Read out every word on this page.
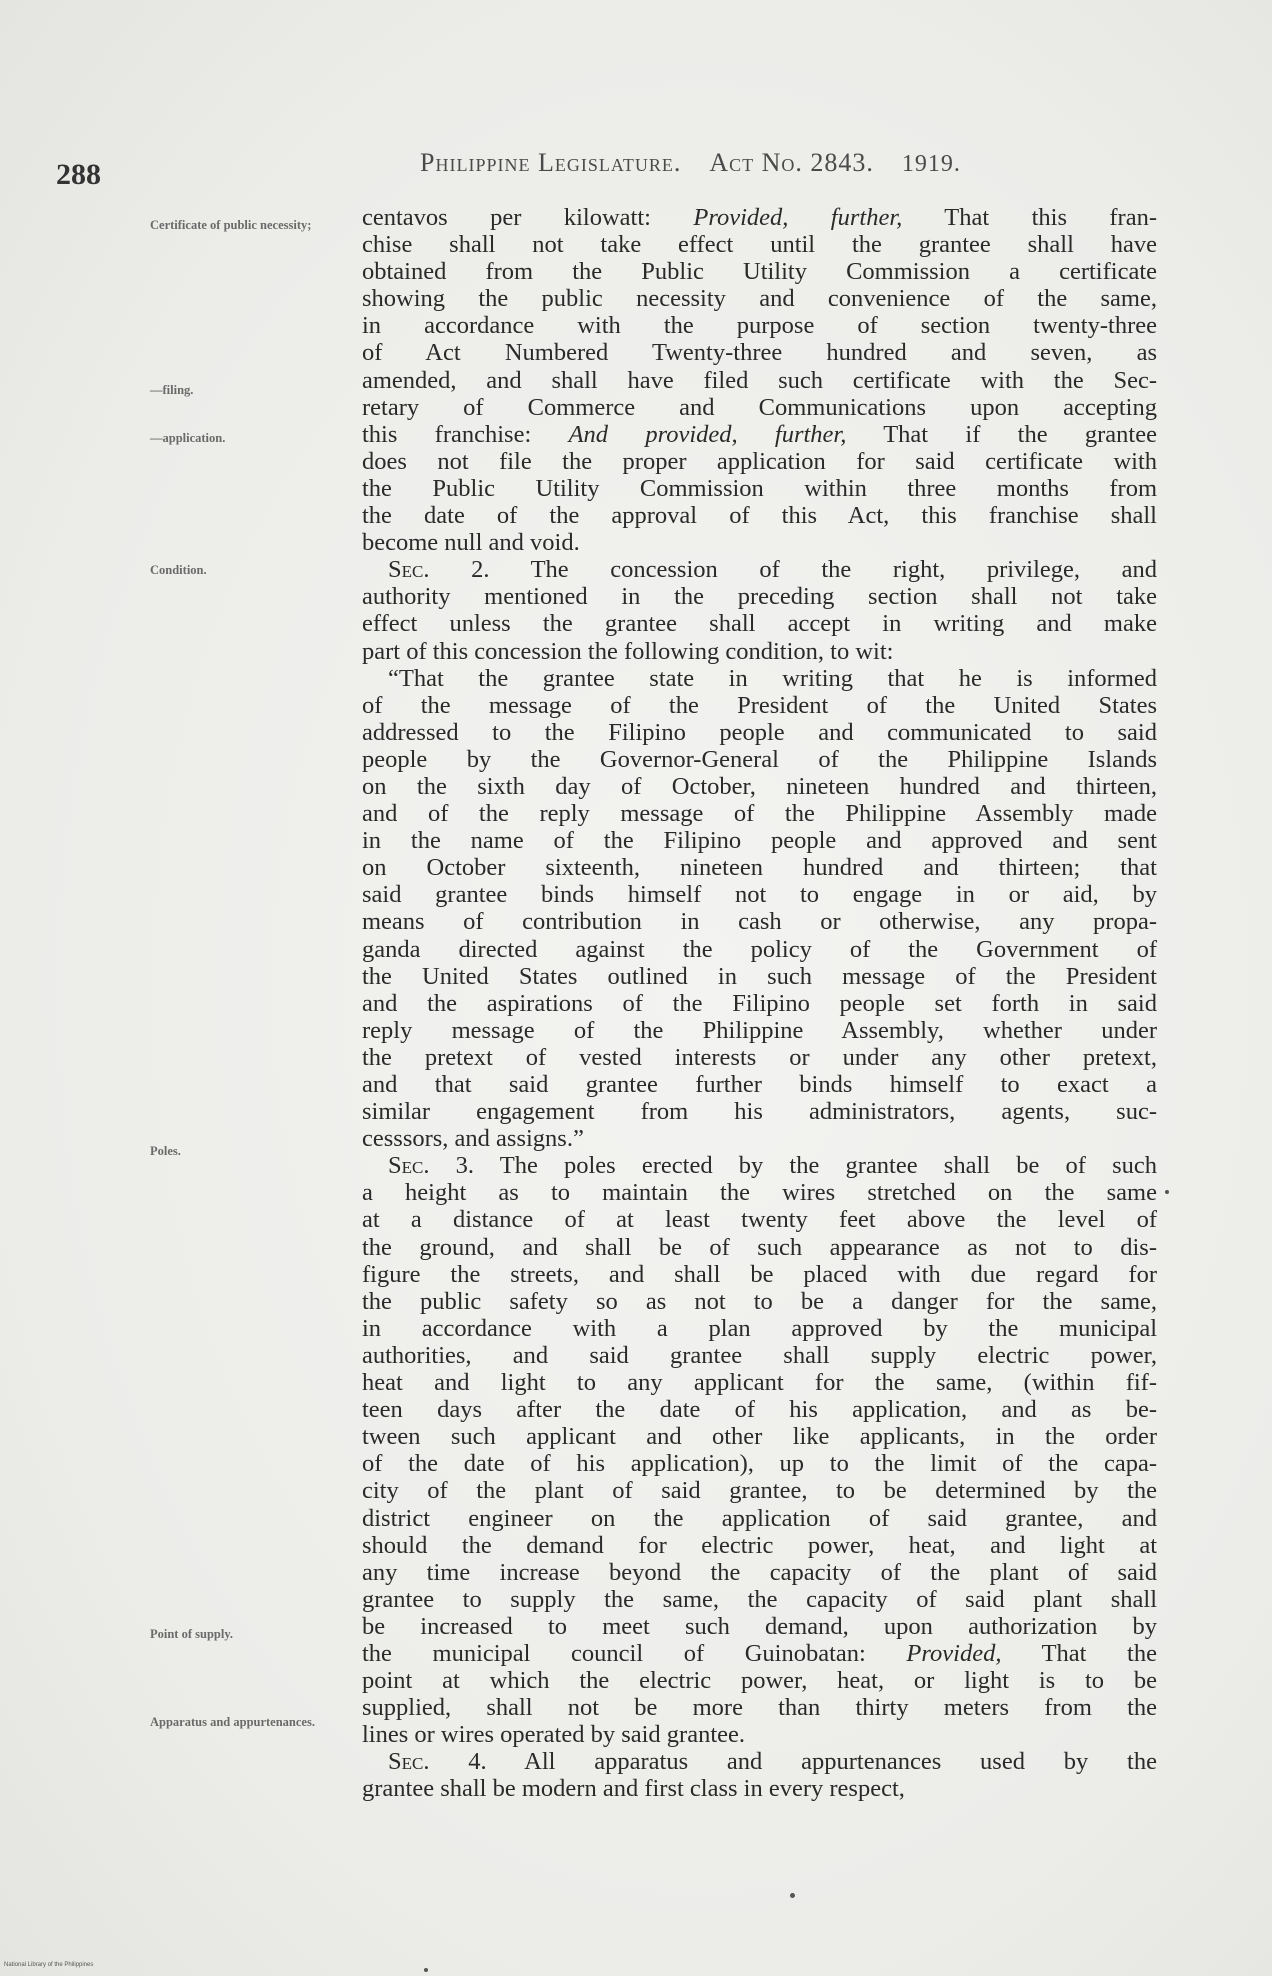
288	Philippine Legislature. Act No. 2843. 1919.
Certificate of public necessity;
—filing.
—application.
Condition.
Poles.
Point of supply.
Apparatus and appurtenances.
centavos per kilowatt: Provided, further, That this fran-
chise shall not take effect until the grantee shall have
obtained from the Public Utility Commission a certificate
showing the public necessity and convenience of the same,
in accordance with the purpose of section twenty-three
of Act Numbered Twenty-three hundred and seven, as
amended, and shall have filed such certificate with the Sec-
retary of Commerce and Communications upon accepting
this franchise: And provided, further, That if the grantee
does not file the proper application for said certificate with
the Public Utility Commission within three months from
the date of the approval of this Act, this franchise shall
become null and void.
Sec. 2. The concession of the right, privilege, and
authority mentioned in the preceding section shall not take
effect unless the grantee shall accept in writing and make
part of this concession the following condition, to wit:
“That the grantee state in writing that he is informed
of the message of the President of the United States
addressed to the Filipino people and communicated to said
people by the Governor-General of the Philippine Islands
on the sixth day of October, nineteen hundred and thirteen,
and of the reply message of the Philippine Assembly made
in the name of the Filipino people and approved and sent
on October sixteenth, nineteen hundred and thirteen; that
said grantee binds himself not to engage in or aid, by
means of contribution in cash or otherwise, any propa-
ganda directed against the policy of the Government of
the United States outlined in such message of the President
and the aspirations of the Filipino people set forth in said
reply message of the Philippine Assembly, whether under
the pretext of vested interests or under any other pretext,
and that said grantee further binds himself to exact a
similar engagement from his administrators, agents, suc-
cesssors, and assigns.”
Sec. 3. The poles erected by the grantee shall be of such
a height as to maintain the wires stretched on the same
at a distance of at least twenty feet above the level of
the ground, and shall be of such appearance as not to dis-
figure the streets, and shall be placed with due regard for
the public safety so as not to be a danger for the same,
in accordance with a plan approved by the municipal
authorities, and said grantee shall supply electric power,
heat and light to any applicant for the same, (within fif-
teen days after the date of his application, and as be-
tween such applicant and other like applicants, in the order
of the date of his application), up to the limit of the capa-
city of the plant of said grantee, to be determined by the
district engineer on the application of said grantee, and
should the demand for electric power, heat, and light at
any time increase beyond the capacity of the plant of said
grantee to supply the same, the capacity of said plant shall
be increased to meet such demand, upon authorization by
the municipal council of Guinobatan: Provided, That the
point at which the electric power, heat, or light is to be
supplied, shall not be more than thirty meters from the
lines or wires operated by said grantee.
Sec. 4. All apparatus and appurtenances used by the
grantee shall be modern and first class in every respect,
National Library of the Philippines
